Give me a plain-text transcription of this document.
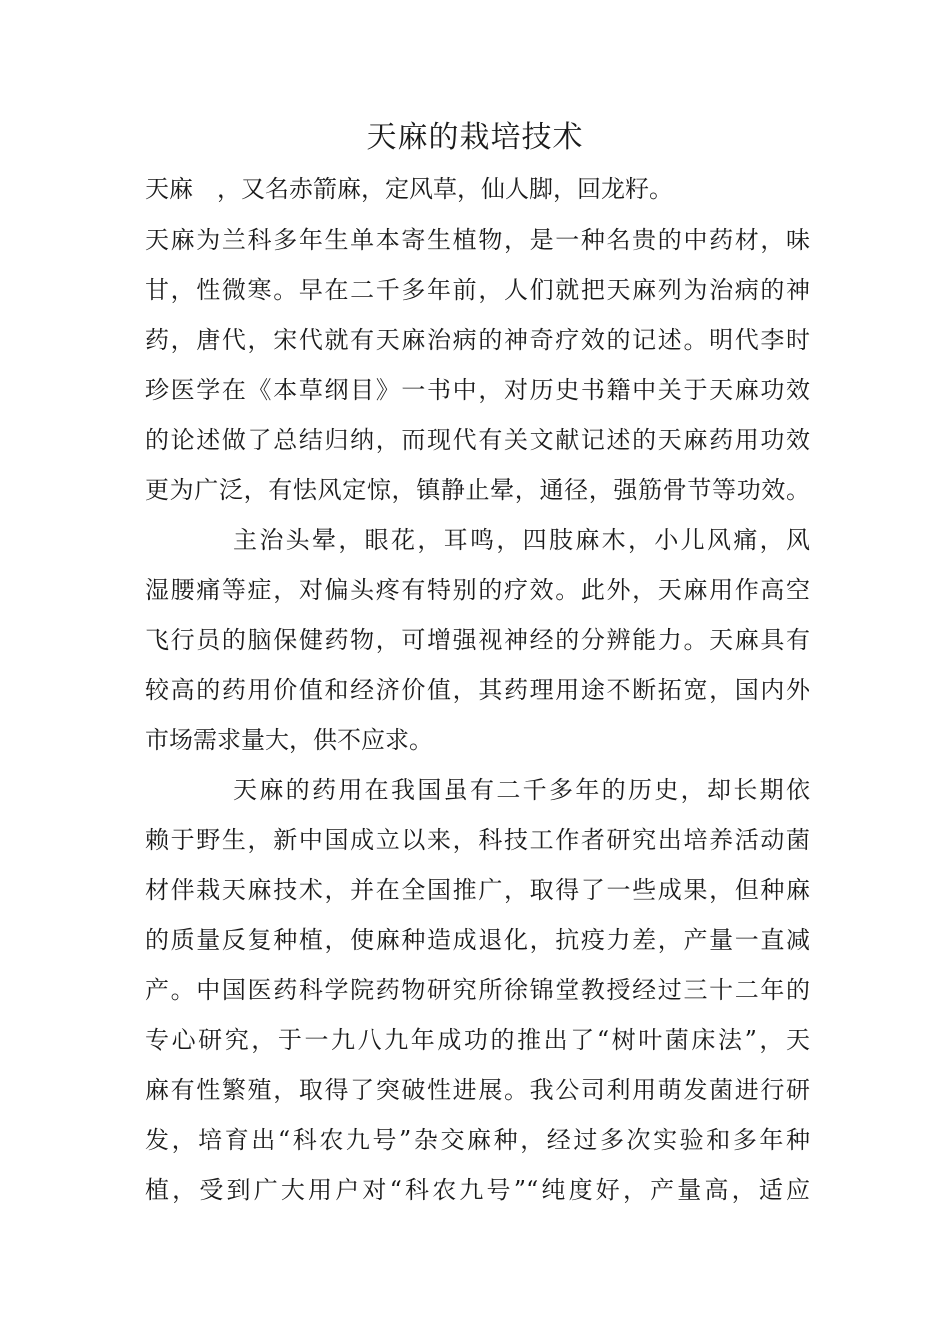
天麻的栽培技术
天麻　，又名赤箭麻，定风草，仙人脚，回龙籽。
天麻为兰科多年生单本寄生植物，是一种名贵的中药材，味
甘，性微寒。早在二千多年前，人们就把天麻列为治病的神
药，唐代，宋代就有天麻治病的神奇疗效的记述。明代李时
珍医学在《本草纲目》一书中，对历史书籍中关于天麻功效
的论述做了总结归纳，而现代有关文献记述的天麻药用功效
更为广泛，有怯风定惊，镇静止晕，通径，强筋骨节等功效。
主治头晕，眼花，耳鸣，四肢麻木，小儿风痛，风
湿腰痛等症，对偏头疼有特别的疗效。此外，天麻用作高空
飞行员的脑保健药物，可增强视神经的分辨能力。天麻具有
较高的药用价值和经济价值，其药理用途不断拓宽，国内外
市场需求量大，供不应求。
天麻的药用在我国虽有二千多年的历史，却长期依
赖于野生，新中国成立以来，科技工作者研究出培养活动菌
材伴栽天麻技术，并在全国推广，取得了一些成果，但种麻
的质量反复种植，使麻种造成退化，抗疫力差，产量一直减
产。中国医药科学院药物研究所徐锦堂教授经过三十二年的
专心研究，于一九八九年成功的推出了“树叶菌床法”，天
麻有性繁殖，取得了突破性进展。我公司利用萌发菌进行研
发，培育出“科农九号”杂交麻种，经过多次实验和多年种
植，受到广大用户对“科农九号”“纯度好，产量高，适应
